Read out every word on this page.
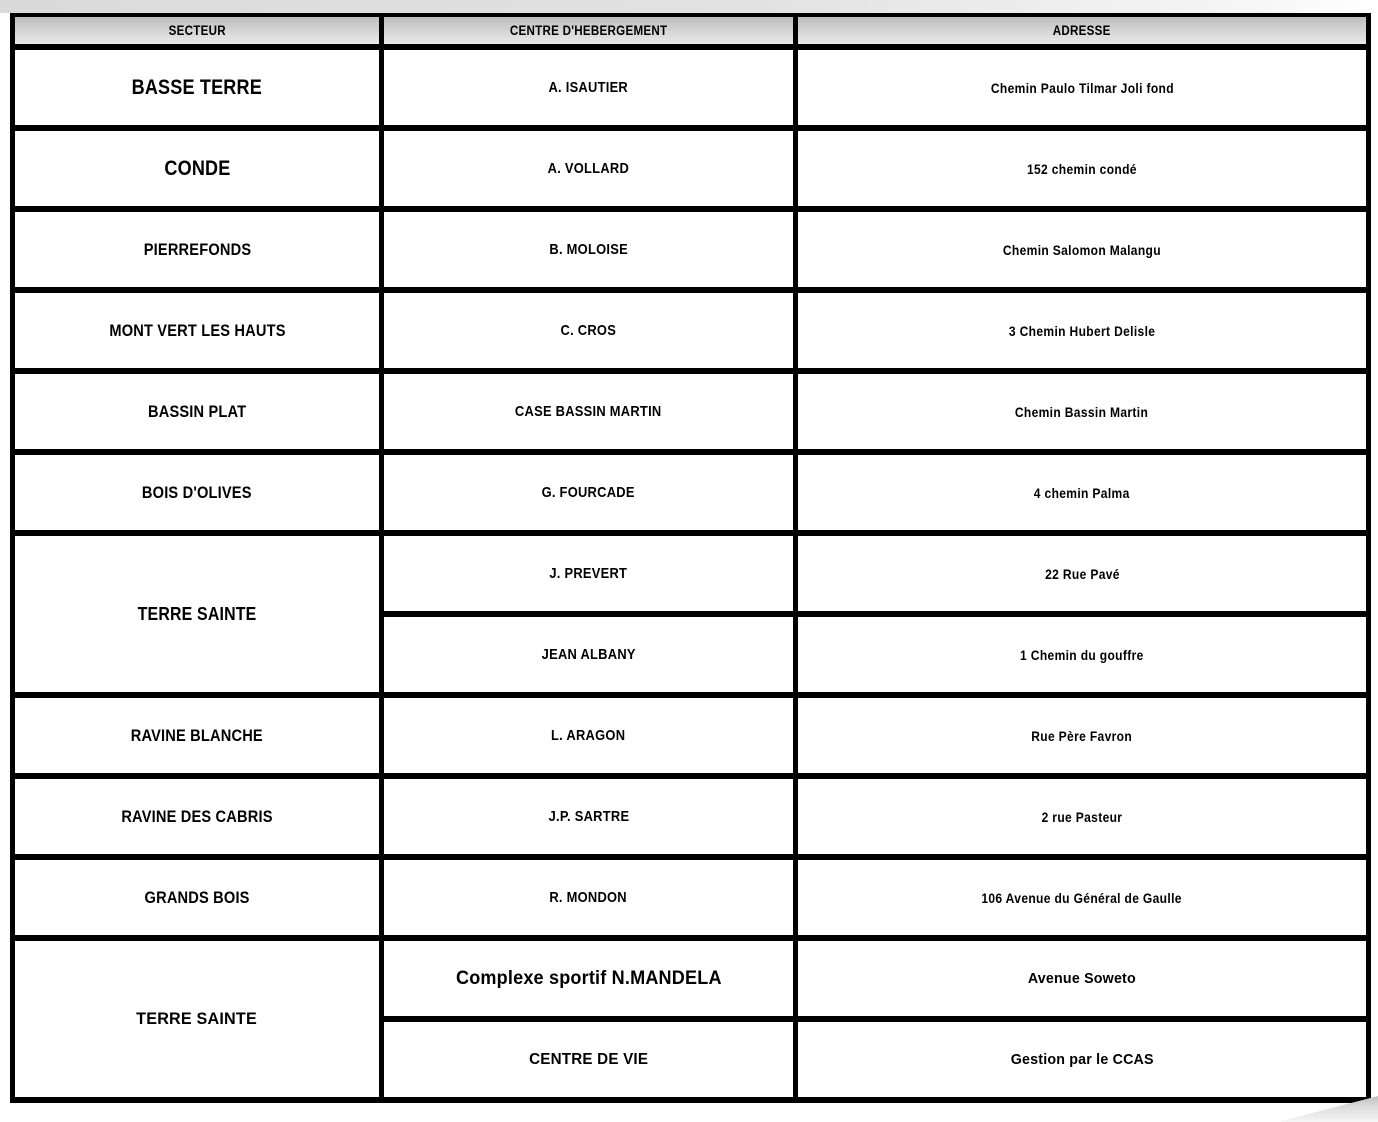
SECTEUR	CENTRE D'HEBERGEMENT	ADRESSE
BASSE TERRE	A. ISAUTIER	Chemin Paulo Tilmar Joli fond
CONDE	A. VOLLARD	152 chemin condé
PIERREFONDS	B. MOLOISE	Chemin Salomon Malangu
MONT VERT LES HAUTS	C. CROS	3 Chemin Hubert Delisle
BASSIN PLAT	CASE BASSIN MARTIN	Chemin Bassin Martin
BOIS D'OLIVES	G. FOURCADE	4 chemin Palma
TERRE SAINTE	J. PREVERT	22 Rue Pavé
	JEAN ALBANY	1 Chemin du gouffre
RAVINE BLANCHE	L. ARAGON	Rue Père Favron
RAVINE DES CABRIS	J.P. SARTRE	2 rue Pasteur
GRANDS BOIS	R. MONDON	106 Avenue du Général de Gaulle
TERRE SAINTE	Complexe sportif N.MANDELA	Avenue Soweto
	CENTRE DE VIE	Gestion par le CCAS
